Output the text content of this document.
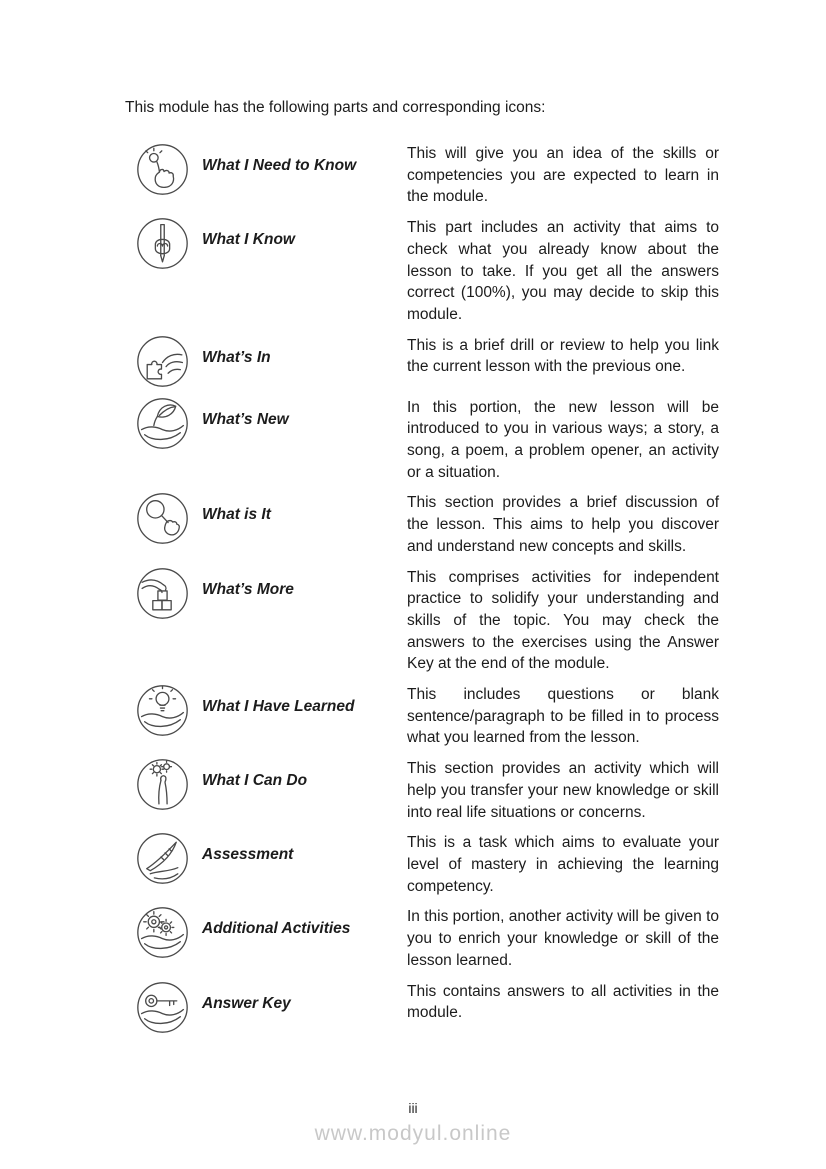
This module has the following parts and corresponding icons:

What I Need to Know
This will give you an idea of the skills or competencies you are expected to learn in the module.
What I Know
This part includes an activity that aims to check what you already know about the lesson to take. If you get all the answers correct (100%), you may decide to skip this module.
What’s In
This is a brief drill or review to help you link the current lesson with the previous one.
What’s New
In this portion, the new lesson will be introduced to you in various ways; a story, a song, a poem, a problem opener, an activity or a situation.
What is It
This section provides a brief discussion of the lesson. This aims to help you discover and understand new concepts and skills.
What’s More
This comprises activities for independent practice to solidify your understanding and skills of the topic. You may check the answers to the exercises using the Answer Key at the end of the module.
What I Have Learned
This includes questions or blank sentence/paragraph to be filled in to process what you learned from the lesson.
What I Can Do
This section provides an activity which will help you transfer your new knowledge or skill into real life situations or concerns.
Assessment
This is a task which aims to evaluate your level of mastery in achieving the learning competency.
Additional Activities
In this portion, another activity will be given to you to enrich your knowledge or skill of the lesson learned.
Answer Key
This contains answers to all activities in the module.
iii
www.modyul.online
